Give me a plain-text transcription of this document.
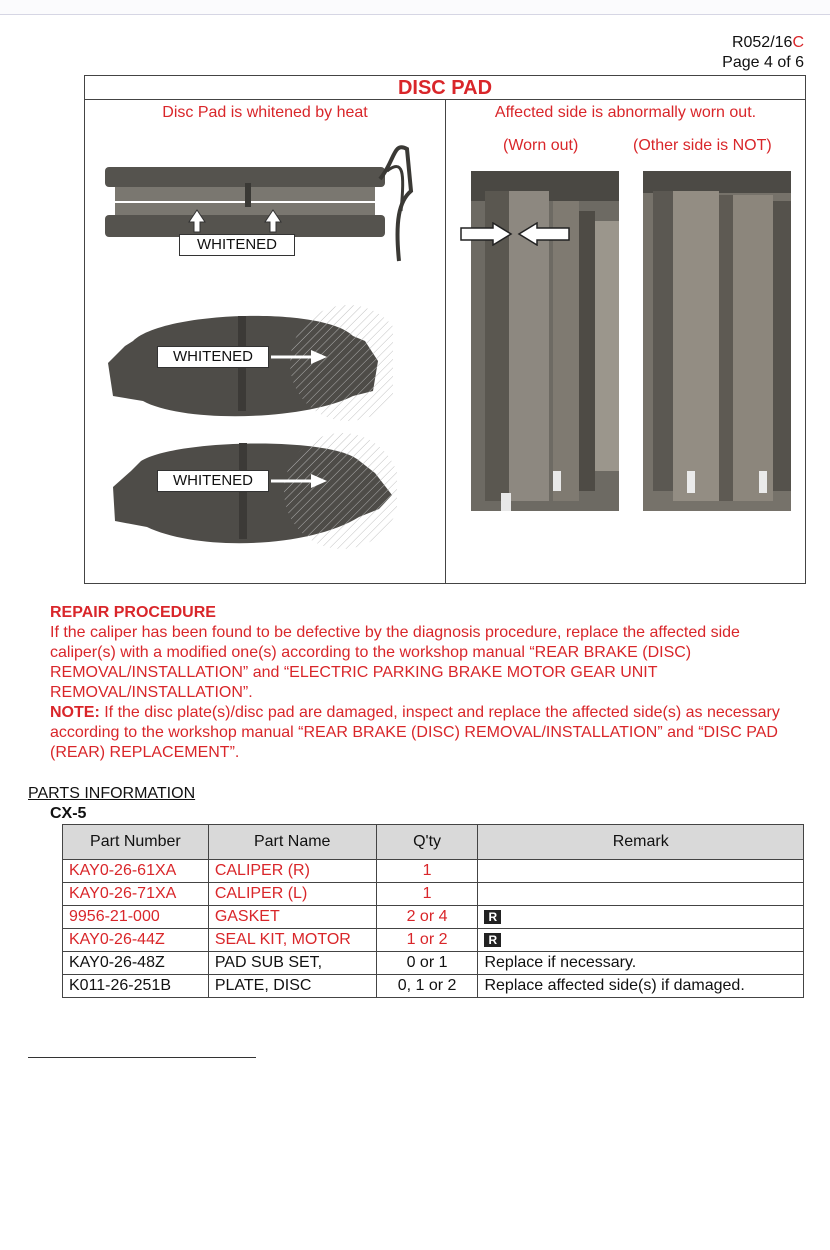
R052/16C
Page 4 of 6
DISC PAD
Disc Pad is whitened by heat	Affected side is abnormally worn out.
(Worn out)	(Other side is NOT)
WHITENED
WHITENED
WHITENED
REPAIR PROCEDURE
If the caliper has been found to be defective by the diagnosis procedure, replace the affected side caliper(s) with a modified one(s) according to the workshop manual “REAR BRAKE (DISC) REMOVAL/INSTALLATION” and “ELECTRIC PARKING BRAKE MOTOR GEAR UNIT REMOVAL/INSTALLATION”.
NOTE: If the disc plate(s)/disc pad are damaged, inspect and replace the affected side(s) as necessary according to the workshop manual “REAR BRAKE (DISC) REMOVAL/INSTALLATION” and “DISC PAD (REAR) REPLACEMENT”.
PARTS INFORMATION
CX-5
Part Number	Part Name	Q'ty	Remark
KAY0-26-61XA	CALIPER (R)	1	
KAY0-26-71XA	CALIPER (L)	1	
9956-21-000	GASKET	2 or 4	R
KAY0-26-44Z	SEAL KIT, MOTOR	1 or 2	R
KAY0-26-48Z	PAD SUB SET,	0 or 1	Replace if necessary.
K011-26-251B	PLATE, DISC	0, 1 or 2	Replace affected side(s) if damaged.
